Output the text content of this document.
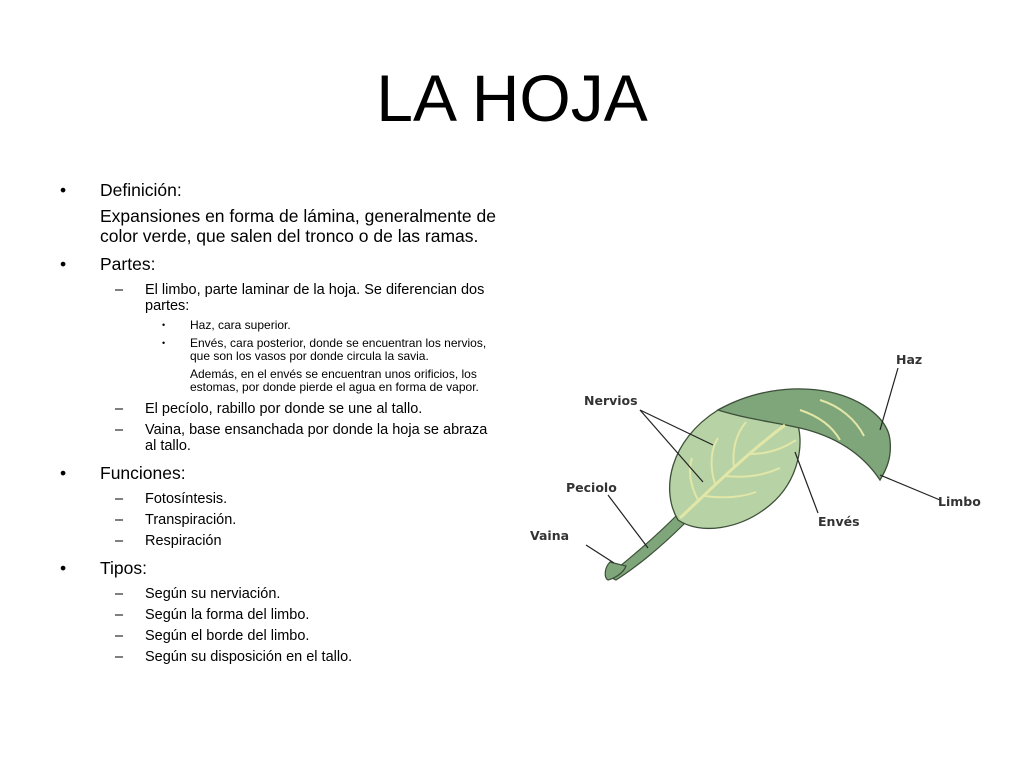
LA HOJA
• Definición:
Expansiones en forma de lámina, generalmente de color verde, que salen del tronco o de las ramas.
• Partes:
– El limbo, parte laminar de la hoja. Se diferencian dos partes:
• Haz, cara superior.
• Envés, cara posterior, donde se encuentran los nervios, que son los vasos por donde circula la savia.
Además, en el envés se encuentran unos orificios, los estomas, por donde pierde el agua en forma de vapor.
– El pecíolo, rabillo por donde se une al tallo.
– Vaina, base ensanchada por donde la hoja se abraza al tallo.
• Funciones:
– Fotosíntesis.
– Transpiración.
– Respiración
• Tipos:
– Según su nerviación.
– Según la forma del limbo.
– Según el borde del limbo.
– Según su disposición en el tallo.
Haz
Nervios
Peciolo
Vaina
Envés
Limbo
